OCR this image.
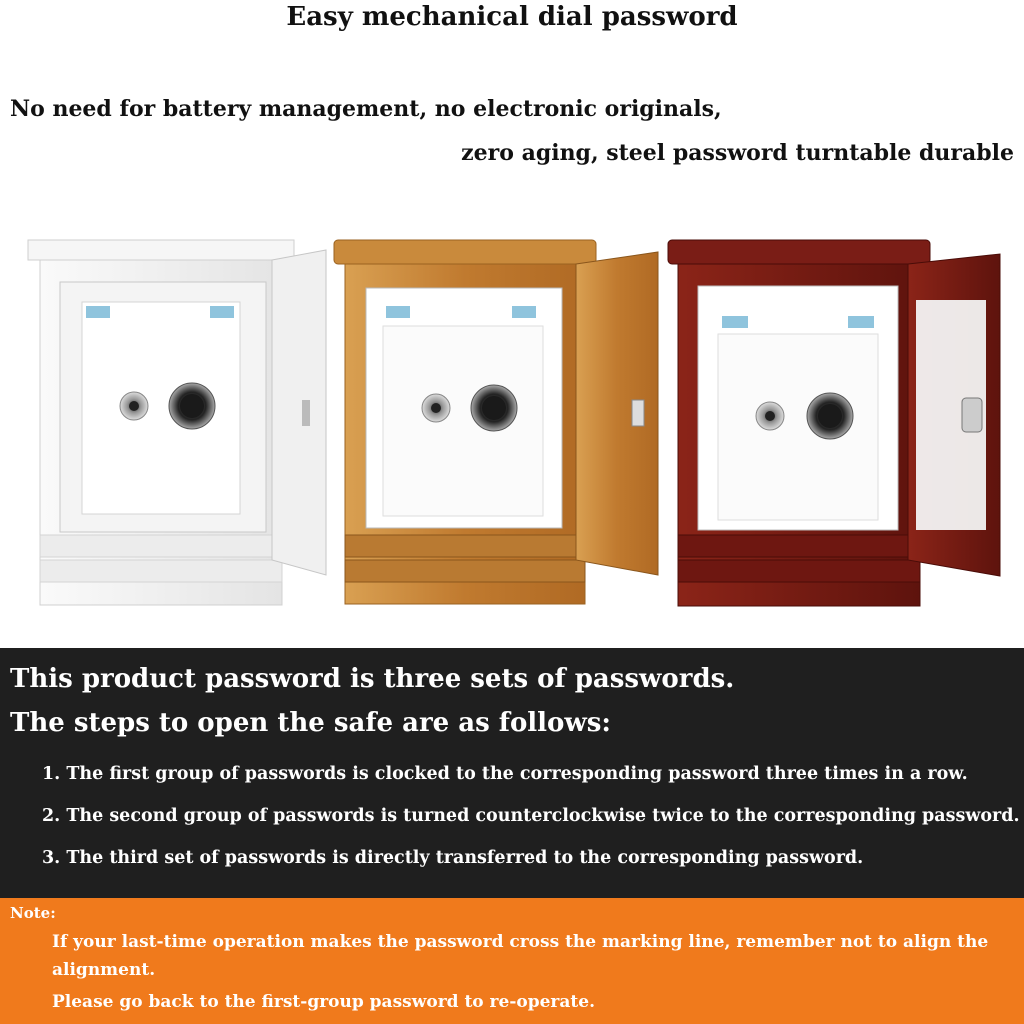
Easy mechanical dial password
No need for battery management, no electronic originals,
zero aging, steel password turntable durable
This product password is three sets of passwords.
The steps to open the safe are as follows:
1. The first group of passwords is clocked to the corresponding password three times in a row.
2. The second group of passwords is turned counterclockwise twice to the corresponding password.
3. The third set of passwords is directly transferred to the corresponding password.
Note:
If your last-time operation makes the password cross the marking line, remember not to align the
alignment.
Please go back to the first-group password to re-operate.
